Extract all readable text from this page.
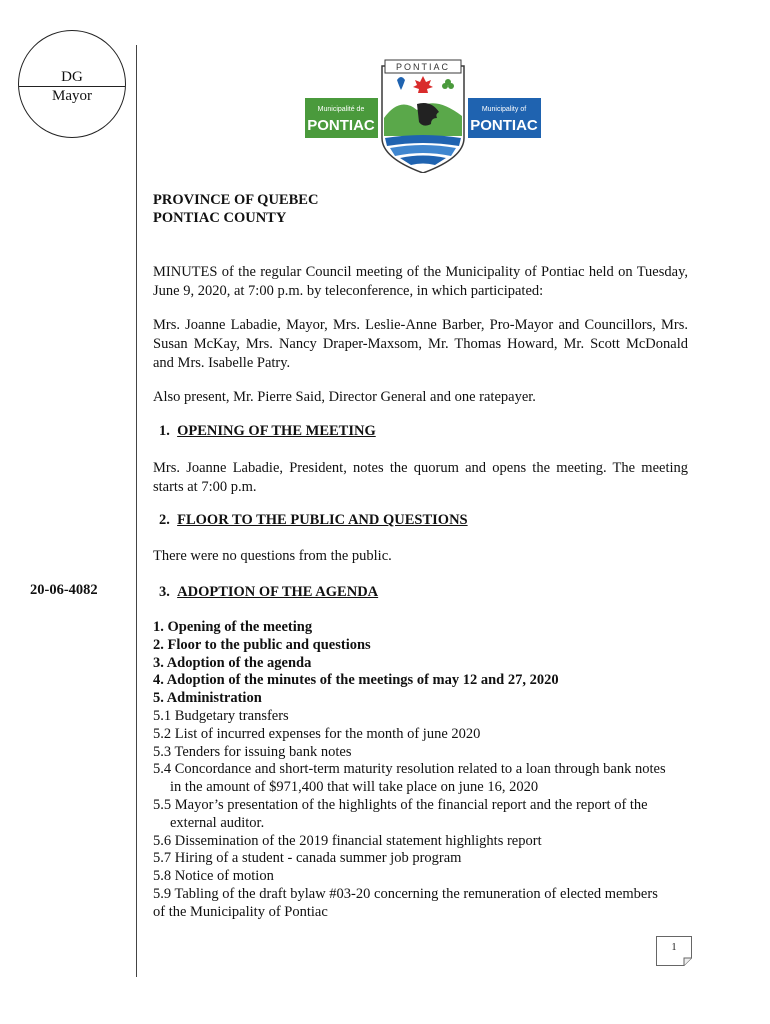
DG
Mayor
Municipalité de
PONTIAC
Municipality of
PONTIAC
PONTIAC
PROVINCE OF QUEBEC
PONTIAC COUNTY
MINUTES of the regular Council meeting of the Municipality of Pontiac held on Tuesday, June 9, 2020, at 7:00 p.m. by teleconference, in which participated:
Mrs. Joanne Labadie, Mayor, Mrs. Leslie-Anne Barber, Pro-Mayor and Councillors, Mrs. Susan McKay, Mrs. Nancy Draper-Maxsom, Mr. Thomas Howard, Mr. Scott McDonald and Mrs. Isabelle Patry.
Also present, Mr. Pierre Said, Director General and one ratepayer.
1. OPENING OF THE MEETING
Mrs. Joanne Labadie, President, notes the quorum and opens the meeting. The meeting starts at 7:00 p.m.
2. FLOOR TO THE PUBLIC AND QUESTIONS
There were no questions from the public.
20-06-4082	3. ADOPTION OF THE AGENDA
1. Opening of the meeting
2. Floor to the public and questions
3. Adoption of the agenda
4. Adoption of the minutes of the meetings of may 12 and 27, 2020
5. Administration
5.1 Budgetary transfers
5.2 List of incurred expenses for the month of june 2020
5.3 Tenders for issuing bank notes
5.4 Concordance and short-term maturity resolution related to a loan through bank notes
in the amount of $971,400 that will take place on june 16, 2020
5.5 Mayor’s presentation of the highlights of the financial report and the report of the
external auditor.
5.6 Dissemination of the 2019 financial statement highlights report
5.7 Hiring of a student - canada summer job program
5.8 Notice of motion
5.9 Tabling of the draft bylaw #03-20 concerning the remuneration of elected members
of the Municipality of Pontiac
1
